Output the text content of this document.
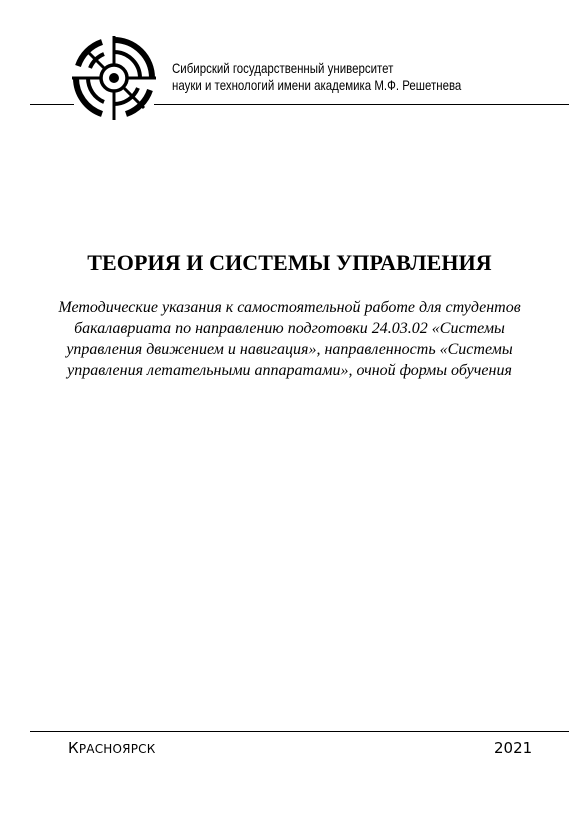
Сибирский государственный университет
науки и технологий имени академика М.Ф. Решетнева
ТЕОРИЯ И СИСТЕМЫ УПРАВЛЕНИЯ
Методические указания к самостоятельной работе для студентов
бакалавриата по направлению подготовки 24.03.02 «Системы
управления движением и навигация», направленность «Системы
управления летательными аппаратами», очной формы обучения
КРАСНОЯРСК	2021
